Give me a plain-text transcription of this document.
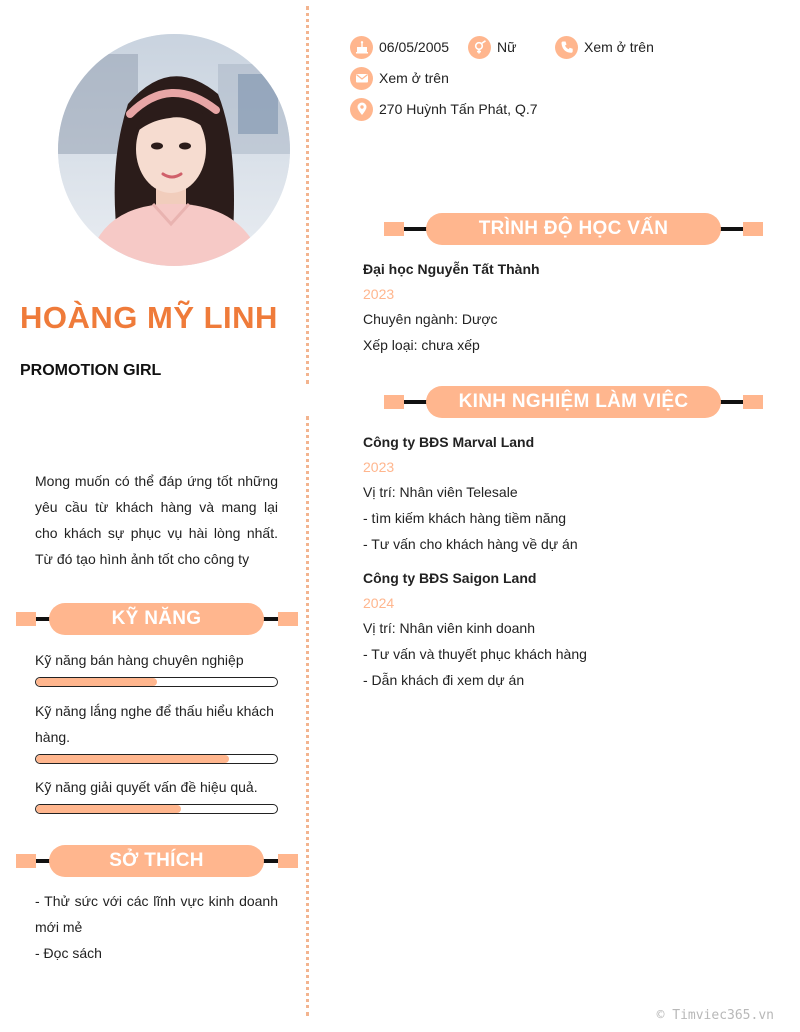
HOÀNG MỸ LINH
PROMOTION GIRL
Mong muốn có thể đáp ứng tốt những yêu cầu từ khách hàng và mang lại cho khách sự phục vụ hài lòng nhất. Từ đó tạo hình ảnh tốt cho công ty
KỸ NĂNG
Kỹ năng bán hàng chuyên nghiệp
Kỹ năng lắng nghe để thấu hiểu khách hàng.
Kỹ năng giải quyết vấn đề hiệu quả.
SỞ THÍCH
- Thử sức với các lĩnh vực kinh doanh mới mẻ
- Đọc sách
06/05/2005	Nữ	Xem ở trên
Xem ở trên
270 Huỳnh Tấn Phát, Q.7
TRÌNH ĐỘ HỌC VẤN
Đại học Nguyễn Tất Thành
2023
Chuyên ngành: Dược
Xếp loại: chưa xếp
KINH NGHIỆM LÀM VIỆC
Công ty BĐS Marval Land
2023
Vị trí: Nhân viên Telesale
- tìm kiếm khách hàng tiềm năng
- Tư vấn cho khách hàng về dự án
Công ty BĐS Saigon Land
2024
Vị trí: Nhân viên kinh doanh
- Tư vấn và thuyết phục khách hàng
- Dẫn khách đi xem dự án
© Timviec365.vn
